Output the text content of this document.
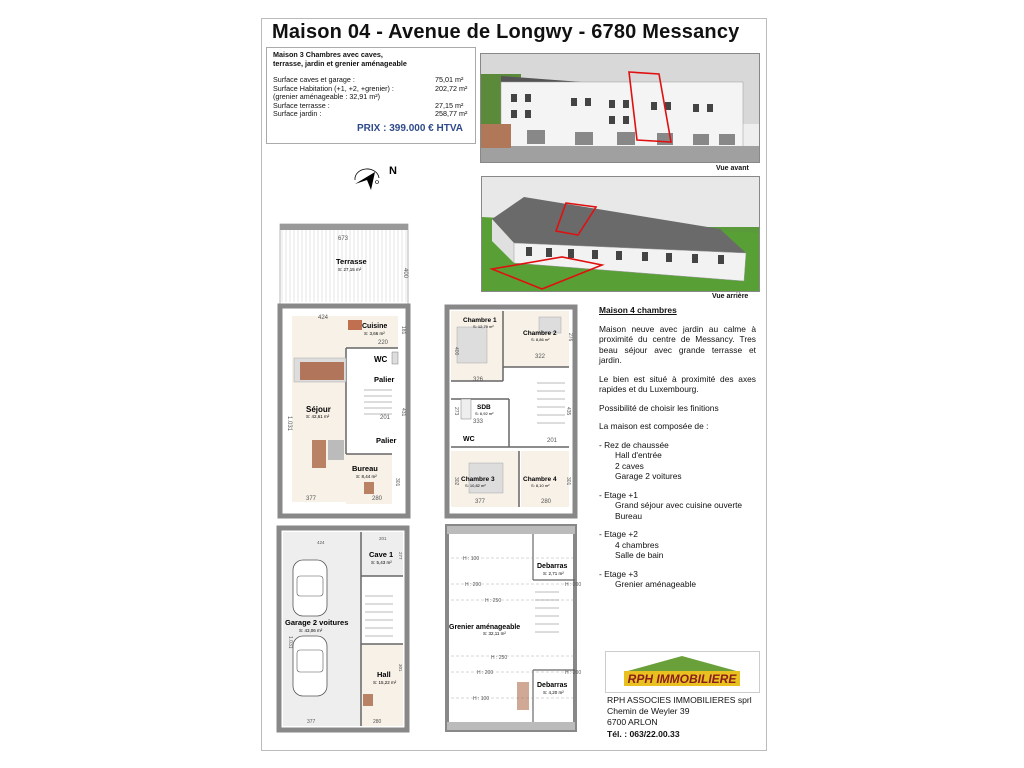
Maison 04 - Avenue de Longwy - 6780 Messancy
Maison 3 Chambres avec caves,
terrasse, jardin et grenier aménageable
Surface caves et garage :	75,01 m²
Surface Habitation (+1, +2, +grenier) :	202,72 m²
(grenier aménageable : 32,91 m²)
Surface terrasse :	27,15 m²
Surface jardin :	258,77 m²
PRIX : 399.000 € HTVA
Vue avant
Vue arrière
N
673
Terrasse
S: 27,15 m²	400
Cuisine
S: 3,66 m²
424
181
220
WC
Palier
201
431
Palier
Séjour
S: 42,61 m²
1.031
Bureau
S: 8,44 m²
301
377	280
Chambre 1
S: 12,79 m²
Chambre 2
S: 8,86 m²	276
322
400
326
435
SDB
S: 6,92 m²
273
333
WC	201
Chambre 3
S: 10,82 m²
Chambre 4
S: 8,10 m²
302	301
377	280
424
201
Cave 1
S: 5,43 m²
277
Garage 2 voitures
S: 43,06 m²
1.031
Hall
S: 15,22 m²
301
377	280
H : 100
H : 200	H : 200
H : 250
Debarras
S: 2,71 m²
Grenier aménageable
S: 32,11 m²
H : 250
H : 200	H : 200
Debarras
S: 4,20 m²
H : 100
Maison 4 chambres

Maison neuve avec jardin au calme à proximité du centre de Messancy. Tres beau séjour avec grande terrasse et jardin.

Le bien est situé à proximité des axes rapides et du Luxembourg.

Possibilité de choisir les finitions

La maison est composée de :

- Rez de chaussée
Hall d'entrée
2 caves
Garage 2 voitures
- Etage +1
Grand séjour avec cuisine ouverte
Bureau
- Etage +2
4 chambres
Salle de bain
- Etage +3
Grenier aménageable
RPH IMMOBILIERE
RPH ASSOCIES IMMOBILIERES sprl
Chemin de Weyler 39
6700 ARLON
Tél. : 063/22.00.33
